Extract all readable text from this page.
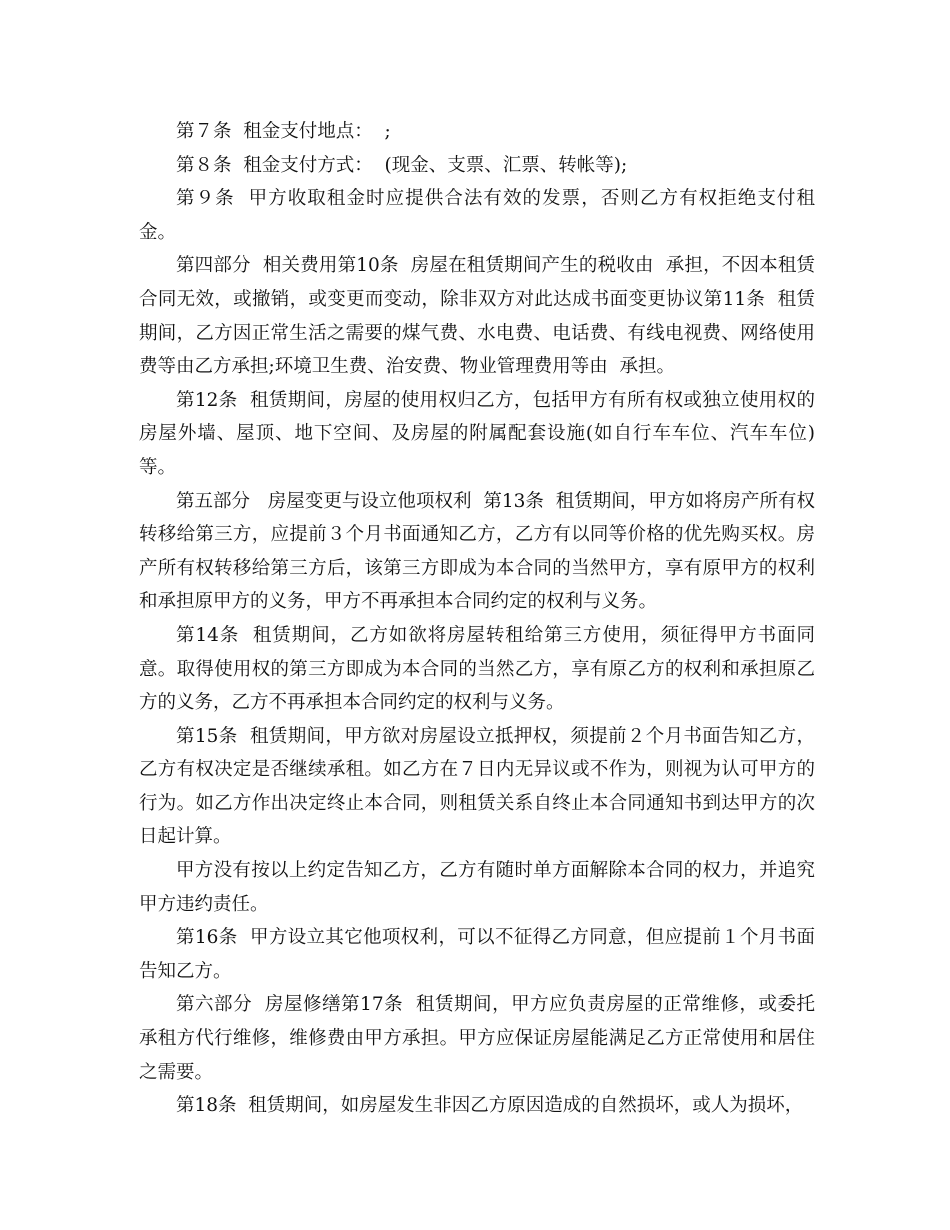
第７条  租金支付地点：  ;

第８条  租金支付方式：  (现金、支票、汇票、转帐等);

第９条  甲方收取租金时应提供合法有效的发票，否则乙方有权拒绝支付租金。

第四部分  相关费用第10条  房屋在租赁期间产生的税收由  承担，不因本租赁合同无效，或撤销，或变更而变动，除非双方对此达成书面变更协议第11条  租赁期间，乙方因正常生活之需要的煤气费、水电费、电话费、有线电视费、网络使用费等由乙方承担;环境卫生费、治安费、物业管理费用等由  承担。

第12条  租赁期间，房屋的使用权归乙方，包括甲方有所有权或独立使用权的房屋外墙、屋顶、地下空间、及房屋的附属配套设施(如自行车车位、汽车车位)等。

第五部分   房屋变更与设立他项权利  第13条  租赁期间，甲方如将房产所有权转移给第三方，应提前３个月书面通知乙方，乙方有以同等价格的优先购买权。房产所有权转移给第三方后，该第三方即成为本合同的当然甲方，享有原甲方的权利和承担原甲方的义务，甲方不再承担本合同约定的权利与义务。

第14条  租赁期间，乙方如欲将房屋转租给第三方使用，须征得甲方书面同意。取得使用权的第三方即成为本合同的当然乙方，享有原乙方的权利和承担原乙方的义务，乙方不再承担本合同约定的权利与义务。

第15条  租赁期间，甲方欲对房屋设立抵押权，须提前２个月书面告知乙方，乙方有权决定是否继续承租。如乙方在７日内无异议或不作为，则视为认可甲方的行为。如乙方作出决定终止本合同，则租赁关系自终止本合同通知书到达甲方的次日起计算。

甲方没有按以上约定告知乙方，乙方有随时单方面解除本合同的权力，并追究甲方违约责任。

第16条  甲方设立其它他项权利，可以不征得乙方同意，但应提前１个月书面告知乙方。

第六部分  房屋修缮第17条  租赁期间，甲方应负责房屋的正常维修，或委托承租方代行维修，维修费由甲方承担。甲方应保证房屋能满足乙方正常使用和居住之需要。

第18条  租赁期间，如房屋发生非因乙方原因造成的自然损坏，或人为损坏，
